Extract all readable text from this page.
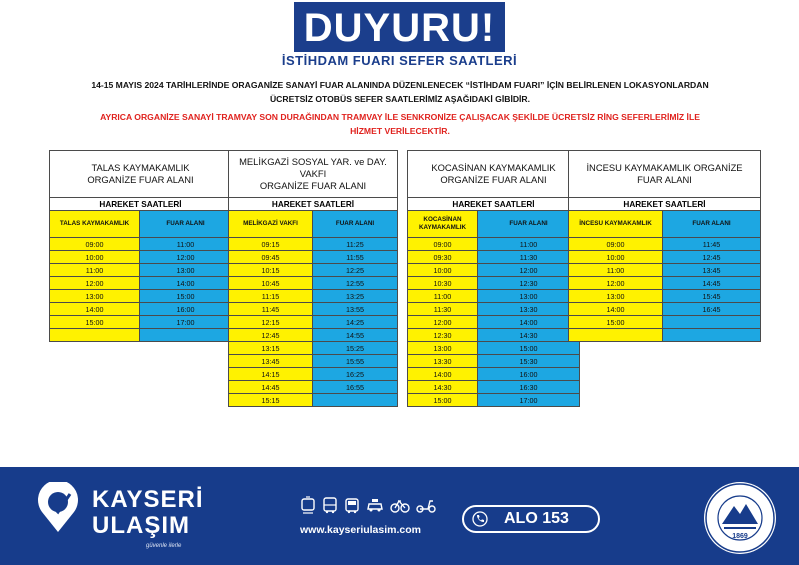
DUYURU!
İSTİHDAM FUARI SEFER SAATLERİ
14-15 MAYIS 2024 TARİHLERİNDE ORAGANİZE SANAYİ FUAR ALANINDA DÜZENLENECEK “İSTİHDAM FUARI” İÇİN BELİRLENEN LOKASYONLARDAN
ÜCRETSİZ OTOBÜS SEFER SAATLERİMİZ AŞAĞIDAKİ GİBİDİR.
AYRICA ORGANİZE SANAYİ TRAMVAY SON DURAĞINDAN TRAMVAY İLE SENKRONİZE ÇALIŞACAK ŞEKİLDE ÜCRETSİZ RİNG SEFERLERİMİZ İLE
HİZMET VERİLECEKTİR.
TALAS KAYMAKAMLIK
ORGANİZE FUAR ALANI	

HAREKET SAATLERİ	
TALAS KAYMAKAMLIK	FUAR ALANI
09:00	11:00
10:00	12:00
11:00	13:00
12:00	14:00
13:00	15:00
14:00	16:00
15:00	17:00

MELİKGAZİ SOSYAL YAR. ve DAY.
VAKFI
ORGANİZE FUAR ALANI	

HAREKET SAATLERİ	
MELİKGAZİ VAKFI	FUAR ALANI
09:15	11:25
09:45	11:55
10:15	12:25
10:45	12:55
11:15	13:25
11:45	13:55
12:15	14:25
12:45	14:55
13:15	15:25
13:45	15:55
14:15	16:25
14:45	16:55
15:15	
KOCASİNAN KAYMAKAMLIK
ORGANİZE FUAR ALANI	

HAREKET SAATLERİ	
KOCASİNAN KAYMAKAMLIK	FUAR ALANI
09:00	11:00
09:30	11:30
10:00	12:00
10:30	12:30
11:00	13:00
11:30	13:30
12:00	14:00
12:30	14:30
13:00	15:00
13:30	15:30
14:00	16:00
14:30	16:30
15:00	17:00
İNCESU KAYMAKAMLIK ORGANİZE
FUAR ALANI	

HAREKET SAATLERİ	
İNCESU KAYMAKAMLIK	FUAR ALANI
09:00	11:45
10:00	12:45
11:00	13:45
12:00	14:45
13:00	15:45
14:00	16:45
15:00	

KAYSERİ
ULAŞIM
güvenle ilerle
www.kayseriulasim.com
ALO 153
1869
